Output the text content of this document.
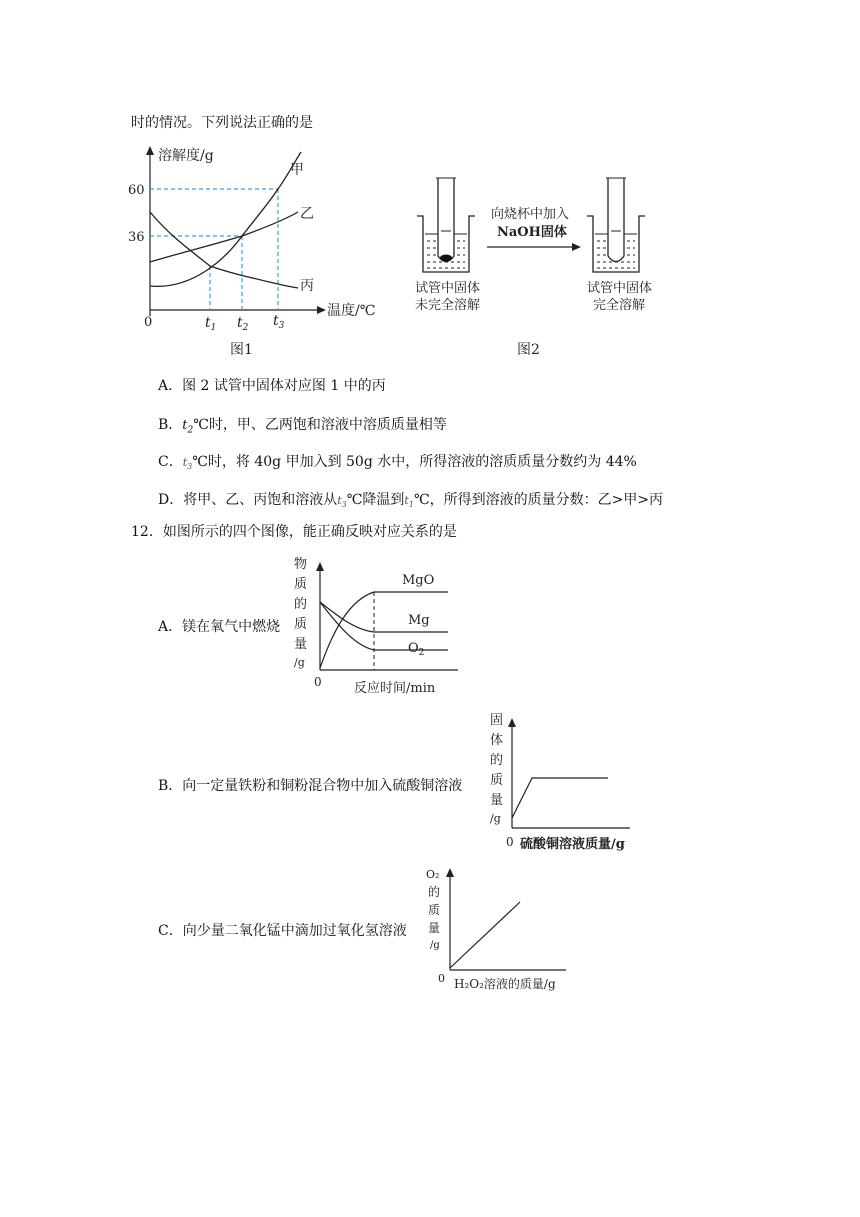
时的情况。下列说法正确的是
溶解度/g
温度/℃
0
60
36
$t_1$ $t_2$ $t_3$
甲
乙
丙
图1
向烧杯中加入
NaOH固体
试管中固体
未完全溶解
试管中固体
完全溶解
图2
A．图 2 试管中固体对应图 1 中的丙
B．$t_2℃$时，甲、乙两饱和溶液中溶质质量相等
C．$t_3℃$时，将 40g 甲加入到 50g 水中，所得溶液的溶质质量分数约为 44%
D．将甲、乙、丙饱和溶液从$t_3℃$降温到$t_1℃$，所得到溶液的质量分数：乙>甲>丙
12．如图所示的四个图像，能正确反映对应关系的是
A．镁在氧气中燃烧
物
质
的
质
量
/g
0 反应时间/min
MgO
Mg
$O_2$
B．向一定量铁粉和铜粉混合物中加入硫酸铜溶液
固
体
的
质
量
/g
0 硫酸铜溶液质量/g
C．向少量二氧化锰中滴加过氧化氢溶液
O₂
的
质
量
/g
0 H₂O₂溶液的质量/g
